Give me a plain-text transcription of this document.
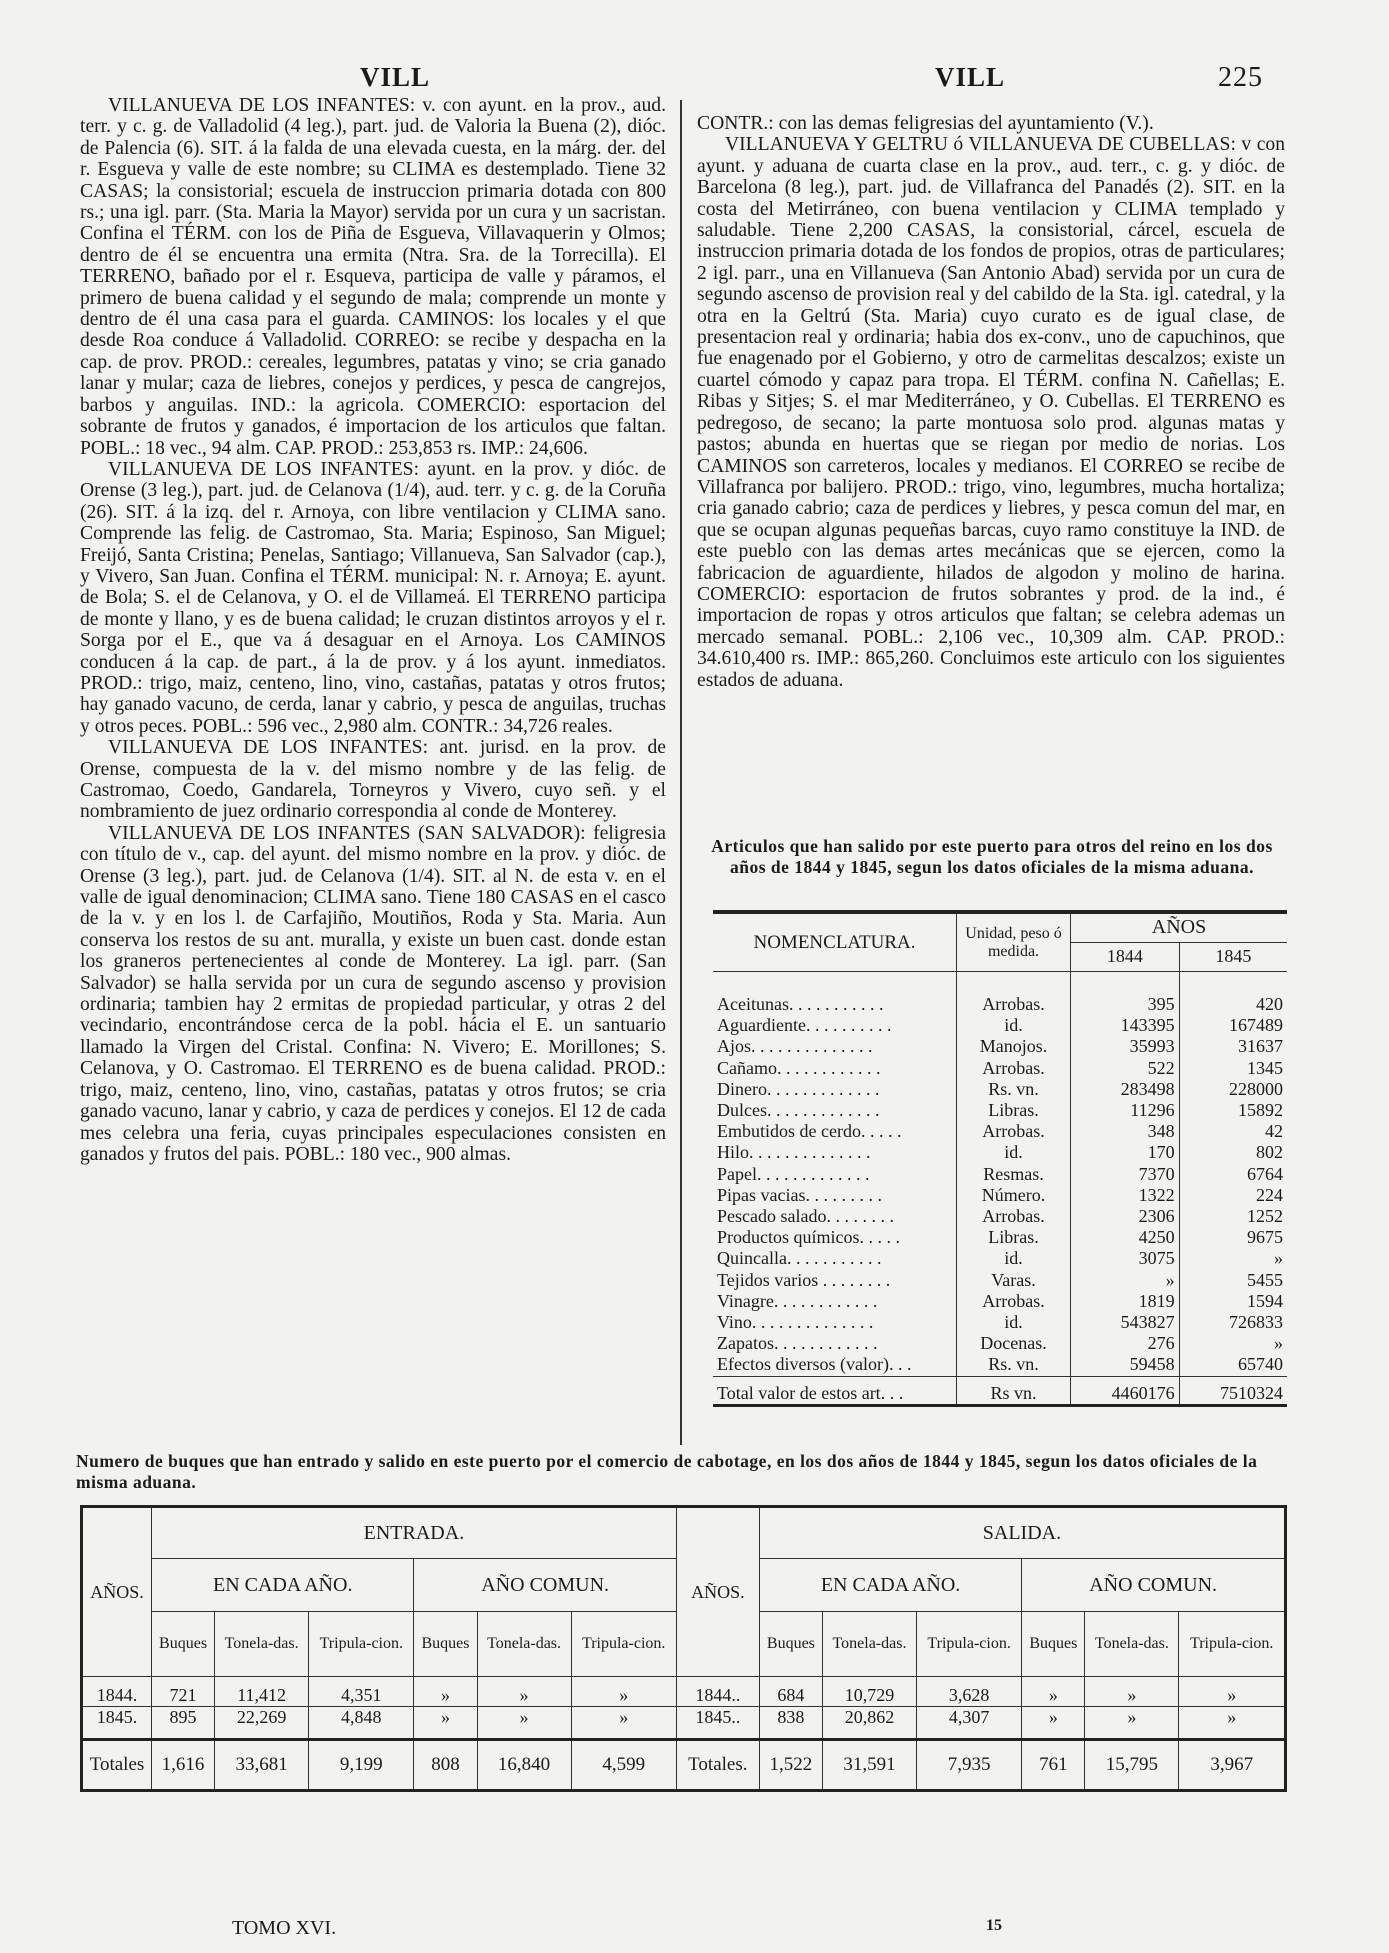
VILL	VILL	225

VILLANUEVA DE LOS INFANTES: v. con ayunt. en la prov., aud. terr. y c. g. de Valladolid (4 leg.), part. jud. de Valoria la Buena (2), dióc. de Palencia (6). SIT. á la falda de una elevada cuesta, en la márg. der. del r. Esgueva y valle de este nombre; su CLIMA es destemplado. Tiene 32 CASAS; la consistorial; escuela de instruccion primaria dotada con 800 rs.; una igl. parr. (Sta. Maria la Mayor) servida por un cura y un sacristan. Confina el TÉRM. con los de Piña de Esgueva, Villavaquerin y Olmos; dentro de él se encuentra una ermita (Ntra. Sra. de la Torrecilla). El TERRENO, bañado por el r. Esqueva, participa de valle y páramos, el primero de buena calidad y el segundo de mala; comprende un monte y dentro de él una casa para el guarda. CAMINOS: los locales y el que desde Roa conduce á Valladolid. CORREO: se recibe y despacha en la cap. de prov. PROD.: cereales, legumbres, patatas y vino; se cria ganado lanar y mular; caza de liebres, conejos y perdices, y pesca de cangrejos, barbos y anguilas. IND.: la agricola. COMERCIO: esportacion del sobrante de frutos y ganados, é importacion de los articulos que faltan. POBL.: 18 vec., 94 alm. CAP. PROD.: 253,853 rs. IMP.: 24,606.

VILLANUEVA DE LOS INFANTES: ayunt. en la prov. y dióc. de Orense (3 leg.), part. jud. de Celanova (1/4), aud. terr. y c. g. de la Coruña (26). SIT. á la izq. del r. Arnoya, con libre ventilacion y CLIMA sano. Comprende las felig. de Castromao, Sta. Maria; Espinoso, San Miguel; Freijó, Santa Cristina; Penelas, Santiago; Villanueva, San Salvador (cap.), y Vivero, San Juan. Confina el TÉRM. municipal: N. r. Arnoya; E. ayunt. de Bola; S. el de Celanova, y O. el de Villameá. El TERRENO participa de monte y llano, y es de buena calidad; le cruzan distintos arroyos y el r. Sorga por el E., que va á desaguar en el Arnoya. Los CAMINOS conducen á la cap. de part., á la de prov. y á los ayunt. inmediatos. PROD.: trigo, maiz, centeno, lino, vino, castañas, patatas y otros frutos; hay ganado vacuno, de cerda, lanar y cabrio, y pesca de anguilas, truchas y otros peces. POBL.: 596 vec., 2,980 alm. CONTR.: 34,726 reales.

VILLANUEVA DE LOS INFANTES: ant. jurisd. en la prov. de Orense, compuesta de la v. del mismo nombre y de las felig. de Castromao, Coedo, Gandarela, Torneyros y Vivero, cuyo señ. y el nombramiento de juez ordinario correspondia al conde de Monterey.

VILLANUEVA DE LOS INFANTES (SAN SALVADOR): feligresia con título de v., cap. del ayunt. del mismo nombre en la prov. y dióc. de Orense (3 leg.), part. jud. de Celanova (1/4). SIT. al N. de esta v. en el valle de igual denominacion; CLIMA sano. Tiene 180 CASAS en el casco de la v. y en los l. de Carfajiño, Moutiños, Roda y Sta. Maria. Aun conserva los restos de su ant. muralla, y existe un buen cast. donde estan los graneros pertenecientes al conde de Monterey. La igl. parr. (San Salvador) se halla servida por un cura de segundo ascenso y provision ordinaria; tambien hay 2 ermitas de propiedad particular, y otras 2 del vecindario, encontrándose cerca de la pobl. hácia el E. un santuario llamado la Virgen del Cristal. Confina: N. Vivero; E. Morillones; S. Celanova, y O. Castromao. El TERRENO es de buena calidad. PROD.: trigo, maiz, centeno, lino, vino, castañas, patatas y otros frutos; se cria ganado vacuno, lanar y cabrio, y caza de perdices y conejos. El 12 de cada mes celebra una feria, cuyas principales especulaciones consisten en ganados y frutos del pais. POBL.: 180 vec., 900 almas.

CONTR.: con las demas feligresias del ayuntamiento (V.).

VILLANUEVA Y GELTRU ó VILLANUEVA DE CUBELLAS: v con ayunt. y aduana de cuarta clase en la prov., aud. terr., c. g. y dióc. de Barcelona (8 leg.), part. jud. de Villafranca del Panadés (2). SIT. en la costa del Metirráneo, con buena ventilacion y CLIMA templado y saludable. Tiene 2,200 CASAS, la consistorial, cárcel, escuela de instruccion primaria dotada de los fondos de propios, otras de particulares; 2 igl. parr., una en Villanueva (San Antonio Abad) servida por un cura de segundo ascenso de provision real y del cabildo de la Sta. igl. catedral, y la otra en la Geltrú (Sta. Maria) cuyo curato es de igual clase, de presentacion real y ordinaria; habia dos ex-conv., uno de capuchinos, que fue enagenado por el Gobierno, y otro de carmelitas descalzos; existe un cuartel cómodo y capaz para tropa. El TÉRM. confina N. Cañellas; E. Ribas y Sitjes; S. el mar Mediterráneo, y O. Cubellas. El TERRENO es pedregoso, de secano; la parte montuosa solo prod. algunas matas y pastos; abunda en huertas que se riegan por medio de norias. Los CAMINOS son carreteros, locales y medianos. El CORREO se recibe de Villafranca por balijero. PROD.: trigo, vino, legumbres, mucha hortaliza; cria ganado cabrio; caza de perdices y liebres, y pesca comun del mar, en que se ocupan algunas pequeñas barcas, cuyo ramo constituye la IND. de este pueblo con las demas artes mecánicas que se ejercen, como la fabricacion de aguardiente, hilados de algodon y molino de harina. COMERCIO: esportacion de frutos sobrantes y prod. de la ind., é importacion de ropas y otros articulos que faltan; se celebra ademas un mercado semanal. POBL.: 2,106 vec., 10,309 alm. CAP. PROD.: 34.610,400 rs. IMP.: 865,260. Concluimos este articulo con los siguientes estados de aduana.

Articulos que han salido por este puerto para otros del reino en los dos años de 1844 y 1845, segun los datos oficiales de la misma aduana.
NOMENCLATURA.	Unidad, peso ó medida.	AÑOS	
		1844	1845
Aceitunas. . . . . . . . . . .	Arrobas.	395	420
Aguardiente. . . . . . . . . .	id.	143395	167489
Ajos. . . . . . . . . . . . . .	Manojos.	35993	31637
Cañamo. . . . . . . . . . . .	Arrobas.	522	1345
Dinero. . . . . . . . . . . . .	Rs. vn.	283498	228000
Dulces. . . . . . . . . . . . .	Libras.	11296	15892
Embutidos de cerdo. . . . .	Arrobas.	348	42
Hilo. . . . . . . . . . . . . .	id.	170	802
Papel. . . . . . . . . . . . .	Resmas.	7370	6764
Pipas vacias. . . . . . . . .	Número.	1322	224
Pescado salado. . . . . . . .	Arrobas.	2306	1252
Productos químicos. . . . .	Libras.	4250	9675
Quincalla. . . . . . . . . . .	id.	3075	»
Tejidos varios . . . . . . . .	Varas.	»	5455
Vinagre. . . . . . . . . . . .	Arrobas.	1819	1594
Vino. . . . . . . . . . . . . .	id.	543827	726833
Zapatos. . . . . . . . . . . .	Docenas.	276	»
Efectos diversos (valor). . .	Rs. vn.	59458	65740
Total valor de estos art. . .	Rs vn.	4460176	7510324
Numero de buques que han entrado y salido en este puerto por el comercio de cabotage, en los dos años de 1844 y 1845, segun los datos oficiales de la misma aduana.
AÑOS.	ENTRADA.						AÑOS.	SALIDA.					
	EN CADA AÑO.			AÑO COMUN.				EN CADA AÑO.			AÑO COMUN.		
	Buques	Tonela-das.	Tripula-cion.	Buques	Tonela-das.	Tripula-cion.		Buques	Tonela-das.	Tripula-cion.	Buques	Tonela-das.	Tripula-cion.
1844.	721	11,412	4,351	»	»	»	1844..	684	10,729	3,628	»	»	»
1845.	895	22,269	4,848	»	»	»	1845..	838	20,862	4,307	»	»	»
Totales	1,616	33,681	9,199	808	16,840	4,599	Totales.	1,522	31,591	7,935	761	15,795	3,967
TOMO XVI.	15
